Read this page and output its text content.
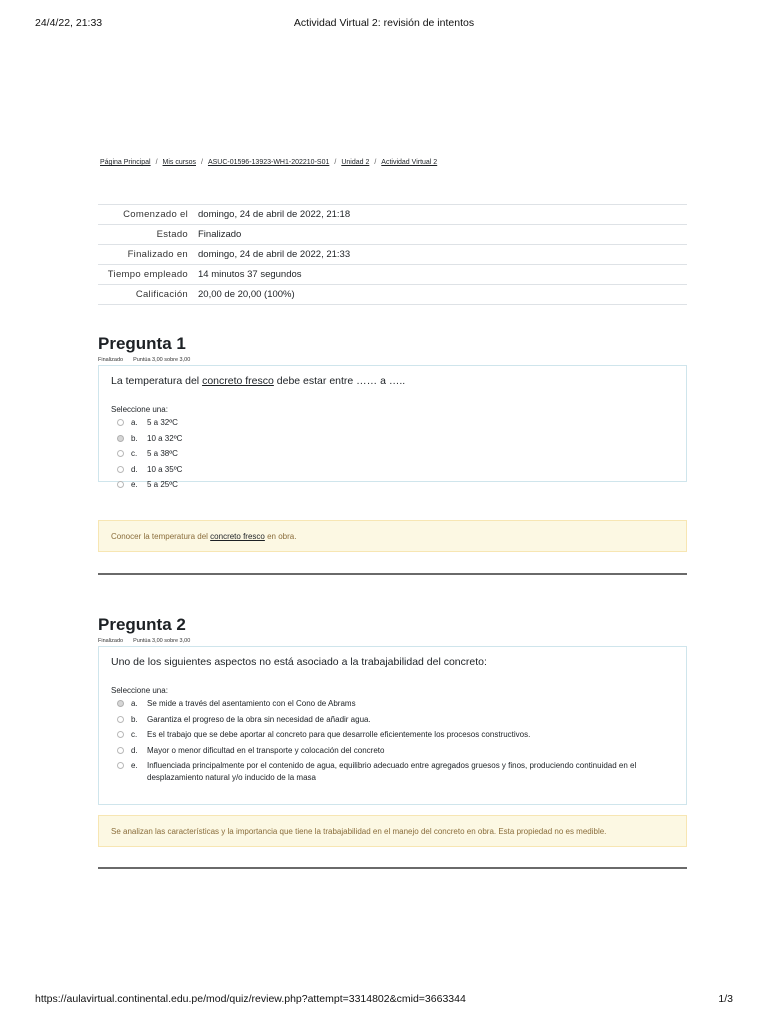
24/4/22, 21:33	Actividad Virtual 2: revisión de intentos
Página Principal / Mis cursos / ASUC-01596-13923-WH1-202210-S01 / Unidad 2 / Actividad Virtual 2
Comenzado el	domingo, 24 de abril de 2022, 21:18
Estado	Finalizado
Finalizado en	domingo, 24 de abril de 2022, 21:33
Tiempo empleado	14 minutos 37 segundos
Calificación	20,00 de 20,00 (100%)
Pregunta 1
Finalizado Puntúa 3,00 sobre 3,00

La temperatura del concreto fresco debe estar entre …… a …..

Seleccione una:
a.	5 a 32ºC
b.	10 a 32ºC
c.	5 a 38ºC
d.	10 a 35ºC
e.	5 a 25ºC
Conocer la temperatura del concreto fresco en obra.
Pregunta 2
Finalizado Puntúa 3,00 sobre 3,00

Uno de los siguientes aspectos no está asociado a la trabajabilidad del concreto:

Seleccione una:
a.	Se mide a través del asentamiento con el Cono de Abrams
b.	Garantiza el progreso de la obra sin necesidad de añadir agua.
c.	Es el trabajo que se debe aportar al concreto para que desarrolle eficientemente los procesos constructivos.
d.	Mayor o menor dificultad en el transporte y colocación del concreto
e.	Influenciada principalmente por el contenido de agua, equilibrio adecuado entre agregados gruesos y finos, produciendo continuidad en el desplazamiento natural y/o inducido de la masa
Se analizan las características y la importancia que tiene la trabajabilidad en el manejo del concreto en obra. Esta propiedad no es medible.
https://aulavirtual.continental.edu.pe/mod/quiz/review.php?attempt=3314802&cmid=3663344	1/3
